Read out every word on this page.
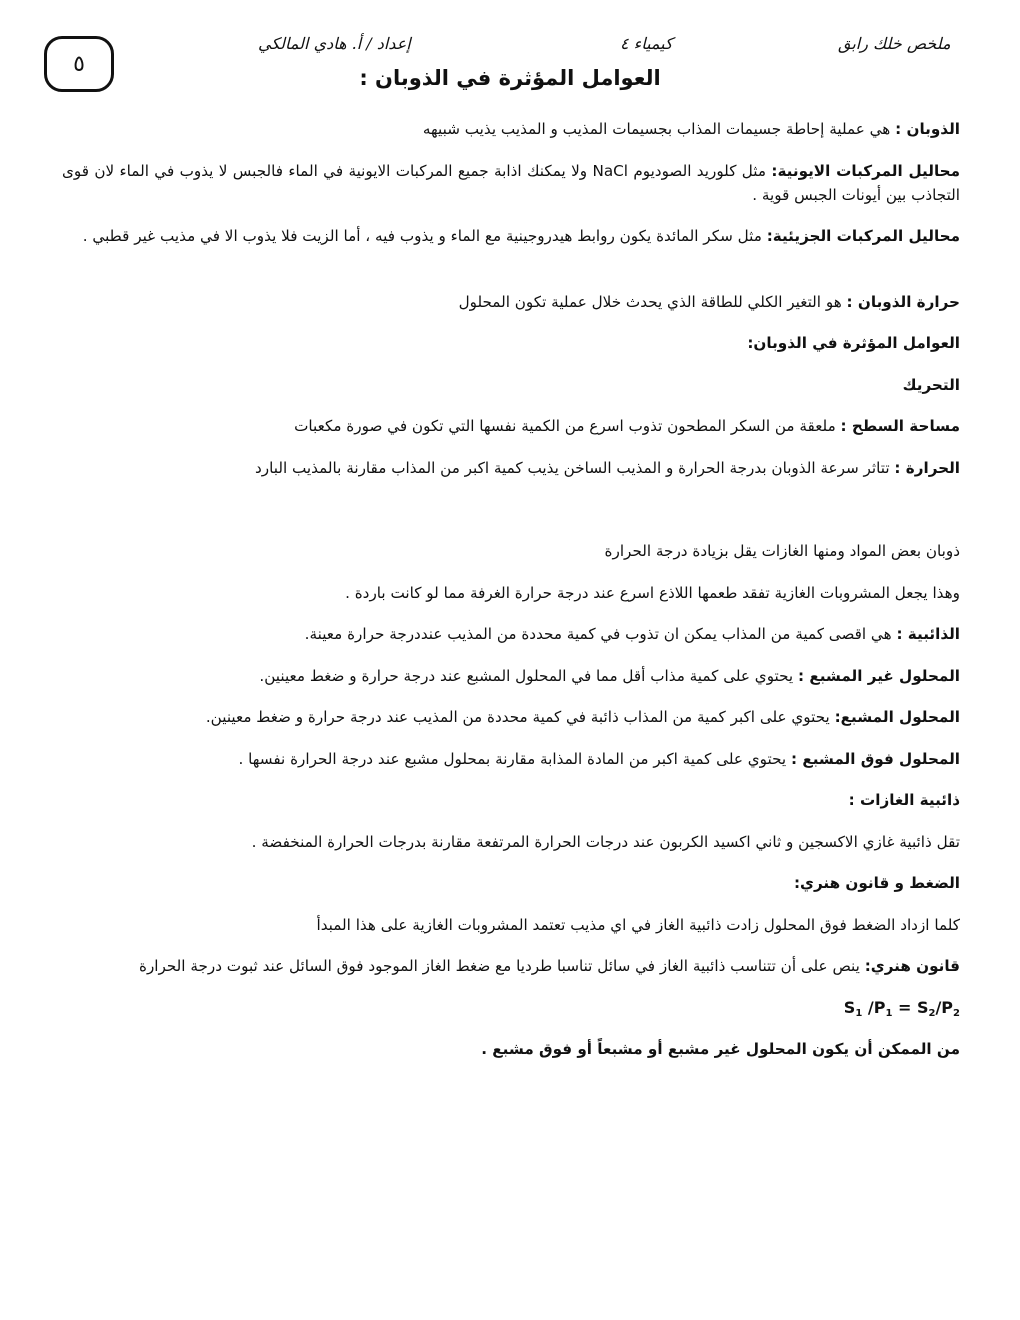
٥
إعداد / أ. هادي المالكي	كيمياء ٤	ملخص خلك رابق
العوامل المؤثرة في الذوبان :

الذوبان : هي عملية إحاطة جسيمات المذاب بجسيمات المذيب و المذيب يذيب شبيهه

محاليل المركبات الايونية: مثل كلوريد الصوديوم NaCl ولا يمكنك اذابة جميع المركبات الايونية في الماء فالجبس لا يذوب في الماء لان قوى التجاذب بين أيونات الجبس قوية .

محاليل المركبات الجزيئية: مثل سكر المائدة يكون روابط هيدروجينية مع الماء و يذوب فيه ، أما الزيت فلا يذوب الا في مذيب غير قطبي .

حرارة الذوبان : هو التغير الكلي للطاقة الذي يحدث خلال عملية تكون المحلول

العوامل المؤثرة في الذوبان:

التحريك

مساحة السطح : ملعقة من السكر المطحون تذوب اسرع من الكمية نفسها التي تكون في صورة مكعبات

الحرارة : تتاثر سرعة الذوبان بدرجة الحرارة و المذيب الساخن يذيب كمية اكبر من المذاب مقارنة بالمذيب البارد

ذوبان بعض المواد ومنها الغازات يقل بزيادة درجة الحرارة

وهذا يجعل المشروبات الغازية تفقد طعمها اللاذع اسرع عند درجة حرارة الغرفة مما لو كانت باردة .

الذائبية : هي اقصى كمية من المذاب يمكن ان تذوب في كمية محددة من المذيب عنددرجة حرارة معينة.

المحلول غير المشبع : يحتوي على كمية مذاب أقل مما في المحلول المشبع عند درجة حرارة و ضغط معينين.

المحلول المشبع: يحتوي على اكبر كمية من المذاب ذائبة في كمية محددة من المذيب عند درجة حرارة و ضغط معينين.

المحلول فوق المشبع : يحتوي على كمية اكبر من المادة المذابة مقارنة بمحلول مشبع عند درجة الحرارة نفسها .

ذائبية الغازات :

تقل ذائبية غازي الاكسجين و ثاني اكسيد الكربون عند درجات الحرارة المرتفعة مقارنة بدرجات الحرارة المنخفضة .

الضغط و قانون هنري:

كلما ازداد الضغط فوق المحلول زادت ذائبية الغاز في اي مذيب تعتمد المشروبات الغازية على هذا المبدأ

قانون هنري: ينص على أن تتناسب ذائبية الغاز في سائل تناسبا طرديا مع ضغط الغاز الموجود فوق السائل عند ثبوت درجة الحرارة

$S_1$ $/P_1 = S_2/P_2$

من الممكن أن يكون المحلول غير مشبع أو مشبعاً أو فوق مشبع .
